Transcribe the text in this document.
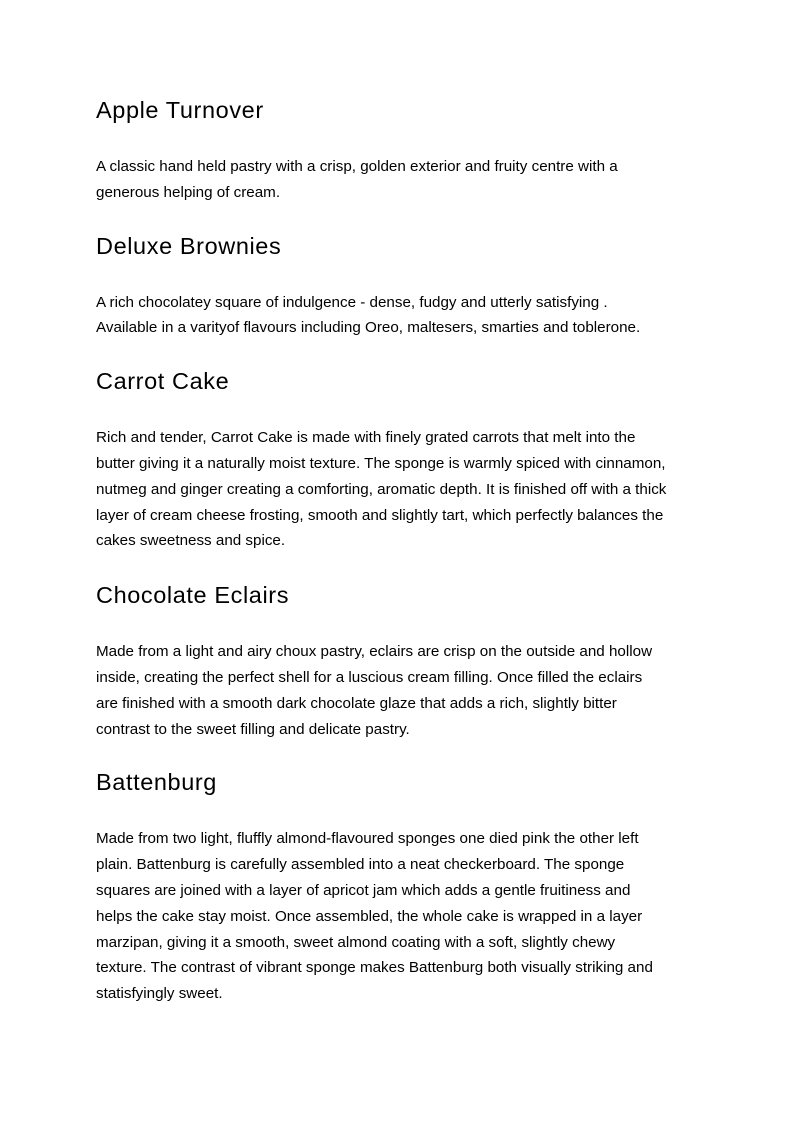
Apple Turnover

A classic hand held pastry with a crisp, golden exterior and fruity centre with a
generous helping of cream.

Deluxe Brownies

A rich chocolatey square of indulgence - dense, fudgy and utterly satisfying .
Available in a varityof flavours including Oreo, maltesers, smarties and toblerone.

Carrot Cake

Rich and tender, Carrot Cake is made with finely grated carrots that melt into the
butter giving it a naturally moist texture. The sponge is warmly spiced with cinnamon,
nutmeg and ginger creating a comforting, aromatic depth. It is finished off with a thick
layer of cream cheese frosting, smooth and slightly tart, which perfectly balances the
cakes sweetness and spice.

Chocolate Eclairs

Made from a light and airy choux pastry, eclairs are crisp on the outside and hollow
inside, creating the perfect shell for a luscious cream filling. Once filled the eclairs
are finished with a smooth dark chocolate glaze that adds a rich, slightly bitter
contrast to the sweet filling and delicate pastry.

Battenburg

Made from two light, fluffly almond-flavoured sponges one died pink the other left
plain. Battenburg is carefully assembled into a neat checkerboard. The sponge
squares are joined with a layer of apricot jam which adds a gentle fruitiness and
helps the cake stay moist. Once assembled, the whole cake is wrapped in a layer
marzipan, giving it a smooth, sweet almond coating with a soft, slightly chewy
texture. The contrast of vibrant sponge makes Battenburg both visually striking and
statisfyingly sweet.
